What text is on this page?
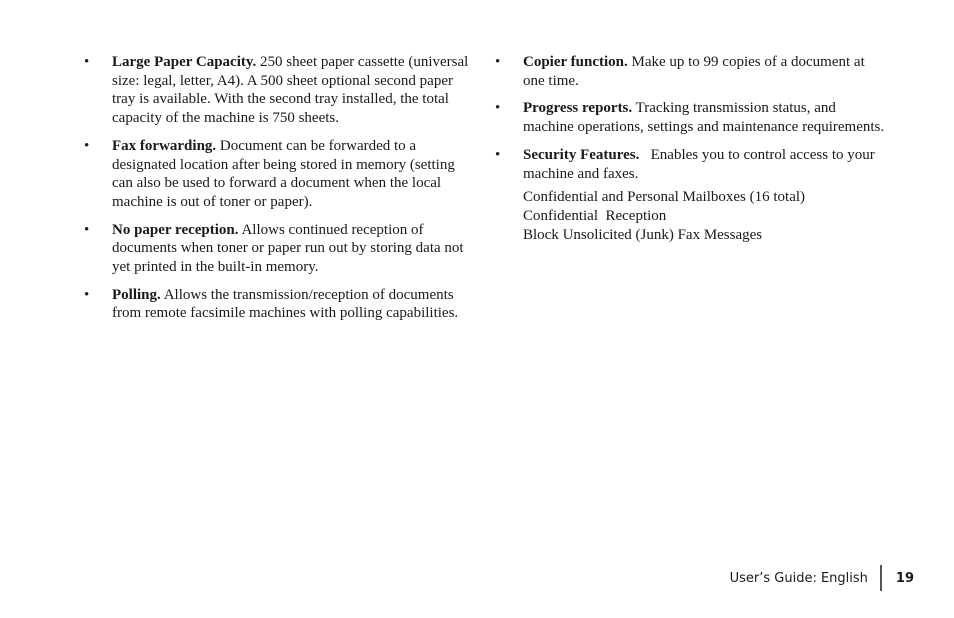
•	Large Paper Capacity. 250 sheet paper cassette (universal size: legal, letter, A4). A 500 sheet optional second paper tray is available. With the second tray installed, the total capacity of the machine is 750 sheets.
•	Fax forwarding. Document can be forwarded to a designated location after being stored in memory (setting can also be used to forward a document when the local machine is out of toner or paper).
•	No paper reception. Allows continued reception of documents when toner or paper run out by storing data not yet printed in the built-in memory.
•	Polling. Allows the transmission/reception of documents from remote facsimile machines with polling capabilities.
•	Copier function. Make up to 99 copies of a document at one time.
•	Progress reports. Tracking transmission status, and machine operations, settings and maintenance requirements.
•	Security Features.   Enables you to control access to your machine and faxes.
Confidential and Personal Mailboxes (16 total)
Confidential  Reception
Block Unsolicited (Junk) Fax Messages
User’s Guide: English	19
